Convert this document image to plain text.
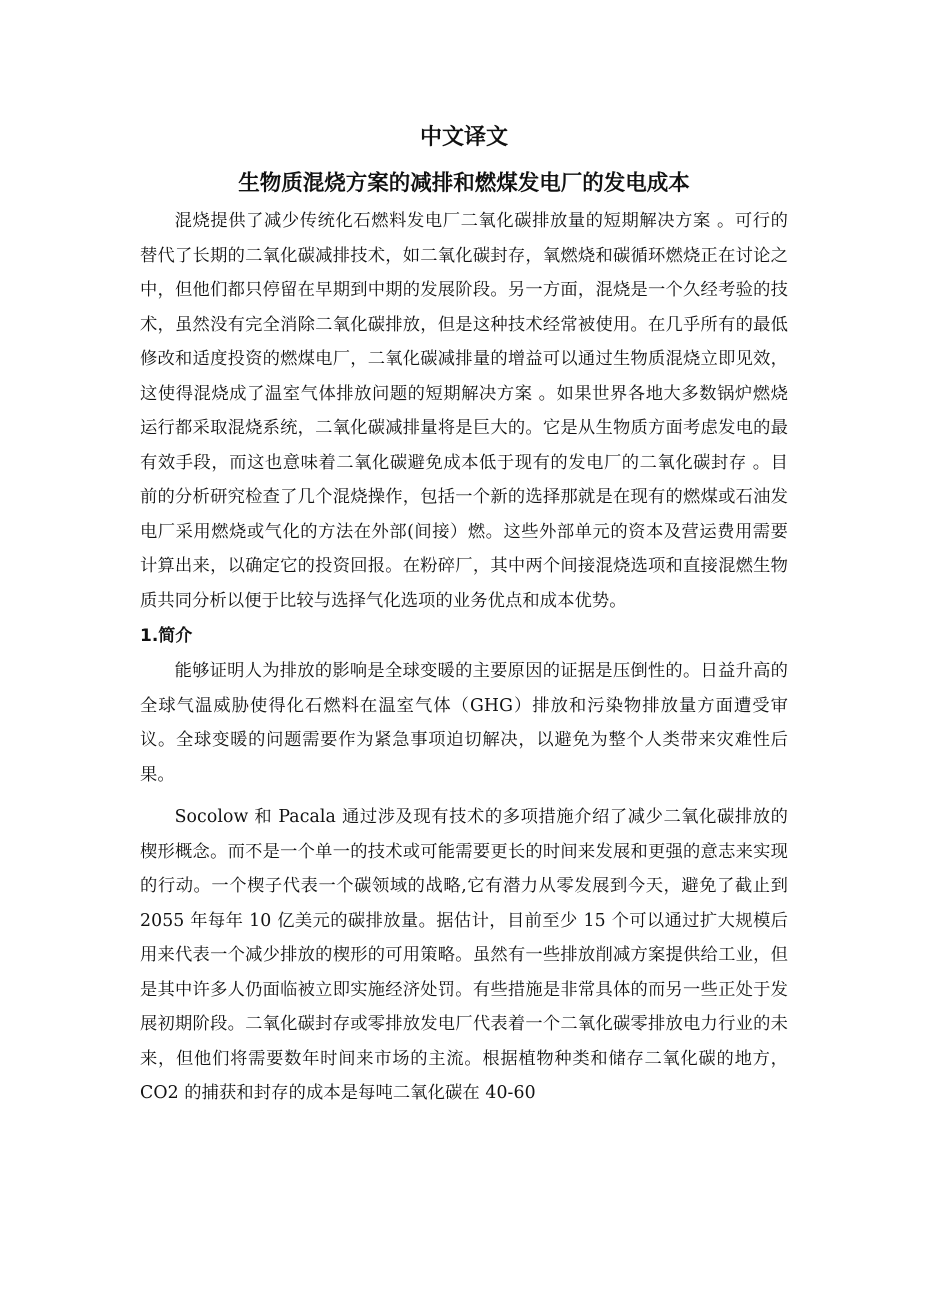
中文译文
生物质混烧方案的减排和燃煤发电厂的发电成本

混烧提供了减少传统化石燃料发电厂二氧化碳排放量的短期解决方案 。可行的替代了长期的二氧化碳减排技术，如二氧化碳封存，氧燃烧和碳循环燃烧正在讨论之中，但他们都只停留在早期到中期的发展阶段。另一方面，混烧是一个久经考验的技术，虽然没有完全消除二氧化碳排放，但是这种技术经常被使用。在几乎所有的最低修改和适度投资的燃煤电厂，二氧化碳减排量的增益可以通过生物质混烧立即见效，这使得混烧成了温室气体排放问题的短期解决方案 。如果世界各地大多数锅炉燃烧运行都采取混烧系统，二氧化碳减排量将是巨大的。它是从生物质方面考虑发电的最有效手段，而这也意味着二氧化碳避免成本低于现有的发电厂的二氧化碳封存 。目前的分析研究检查了几个混烧操作，包括一个新的选择那就是在现有的燃煤或石油发电厂采用燃烧或气化的方法在外部(间接）燃。这些外部单元的资本及营运费用需要计算出来，以确定它的投资回报。在粉碎厂，其中两个间接混烧选项和直接混燃生物质共同分析以便于比较与选择气化选项的业务优点和成本优势。

1.简介

能够证明人为排放的影响是全球变暖的主要原因的证据是压倒性的。日益升高的全球气温威胁使得化石燃料在温室气体（GHG）排放和污染物排放量方面遭受审议。全球变暖的问题需要作为紧急事项迫切解决，以避免为整个人类带来灾难性后果。

Socolow 和 Pacala 通过涉及现有技术的多项措施介绍了减少二氧化碳排放的楔形概念。而不是一个单一的技术或可能需要更长的时间来发展和更强的意志来实现的行动。一个楔子代表一个碳领域的战略,它有潜力从零发展到今天，避免了截止到 2055 年每年 10 亿美元的碳排放量。据估计，目前至少 15 个可以通过扩大规模后用来代表一个减少排放的楔形的可用策略。虽然有一些排放削减方案提供给工业，但是其中许多人仍面临被立即实施经济处罚。有些措施是非常具体的而另一些正处于发展初期阶段。二氧化碳封存或零排放发电厂代表着一个二氧化碳零排放电力行业的未来，但他们将需要数年时间来市场的主流。根据植物种类和储存二氧化碳的地方，CO2 的捕获和封存的成本是每吨二氧化碳在 40-60
